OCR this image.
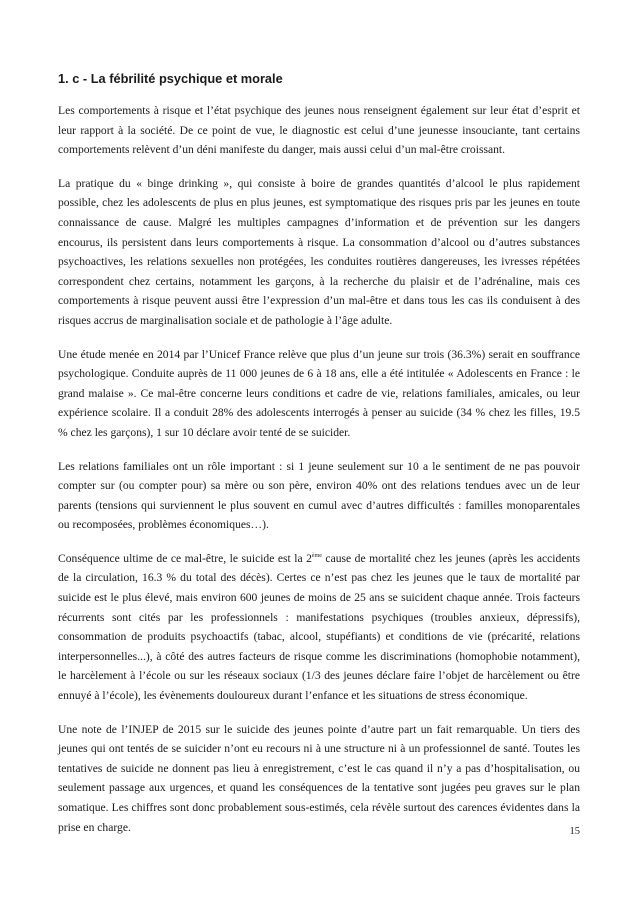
1. c - La fébrilité psychique et morale

Les comportements à risque et l’état psychique des jeunes nous renseignent également sur leur état d’esprit et leur rapport à la société. De ce point de vue, le diagnostic est celui d’une jeunesse insouciante, tant certains comportements relèvent d’un déni manifeste du danger, mais aussi celui d’un mal-être croissant.

La pratique du « binge drinking », qui consiste à boire de grandes quantités d’alcool le plus rapidement possible, chez les adolescents de plus en plus jeunes, est symptomatique des risques pris par les jeunes en toute connaissance de cause. Malgré les multiples campagnes d’information et de prévention sur les dangers encourus, ils persistent dans leurs comportements à risque. La consommation d’alcool ou d’autres substances psychoactives, les relations sexuelles non protégées, les conduites routières dangereuses, les ivresses répétées correspondent chez certains, notamment les garçons, à la recherche du plaisir et de l’adrénaline, mais ces comportements à risque peuvent aussi être l’expression d’un mal-être et dans tous les cas ils conduisent à des risques accrus de marginalisation sociale et de pathologie à l’âge adulte.

Une étude menée en 2014 par l’Unicef France relève que plus d’un jeune sur trois (36.3%) serait en souffrance psychologique. Conduite auprès de 11 000 jeunes de 6 à 18 ans, elle a été intitulée « Adolescents en France : le grand malaise ». Ce mal-être concerne leurs conditions et cadre de vie, relations familiales, amicales, ou leur expérience scolaire. Il a conduit 28% des adolescents interrogés à penser au suicide (34 % chez les filles, 19.5 % chez les garçons), 1 sur 10 déclare avoir tenté de se suicider.

Les relations familiales ont un rôle important : si 1 jeune seulement sur 10 a le sentiment de ne pas pouvoir compter sur (ou compter pour) sa mère ou son père, environ 40% ont des relations tendues avec un de leur parents (tensions qui surviennent le plus souvent en cumul avec d’autres difficultés : familles monoparentales ou recomposées, problèmes économiques…).

Conséquence ultime de ce mal-être, le suicide est la 2ème cause de mortalité chez les jeunes (après les accidents de la circulation, 16.3 % du total des décès). Certes ce n’est pas chez les jeunes que le taux de mortalité par suicide est le plus élevé, mais environ 600 jeunes de moins de 25 ans se suicident chaque année. Trois facteurs récurrents sont cités par les professionnels : manifestations psychiques (troubles anxieux, dépressifs), consommation de produits psychoactifs (tabac, alcool, stupéfiants) et conditions de vie (précarité, relations interpersonnelles...), à côté des autres facteurs de risque comme les discriminations (homophobie notamment), le harcèlement à l’école ou sur les réseaux sociaux (1/3 des jeunes déclare faire l’objet de harcèlement ou être ennuyé à l’école), les évènements douloureux durant l’enfance et les situations de stress économique.

Une note de l’INJEP de 2015 sur le suicide des jeunes pointe d’autre part un fait remarquable. Un tiers des jeunes qui ont tentés de se suicider n’ont eu recours ni à une structure ni à un professionnel de santé. Toutes les tentatives de suicide ne donnent pas lieu à enregistrement, c’est le cas quand il n’y a pas d’hospitalisation, ou seulement passage aux urgences, et quand les conséquences de la tentative sont jugées peu graves sur le plan somatique. Les chiffres sont donc probablement sous-estimés, cela révèle surtout des carences évidentes dans la prise en charge.	15
